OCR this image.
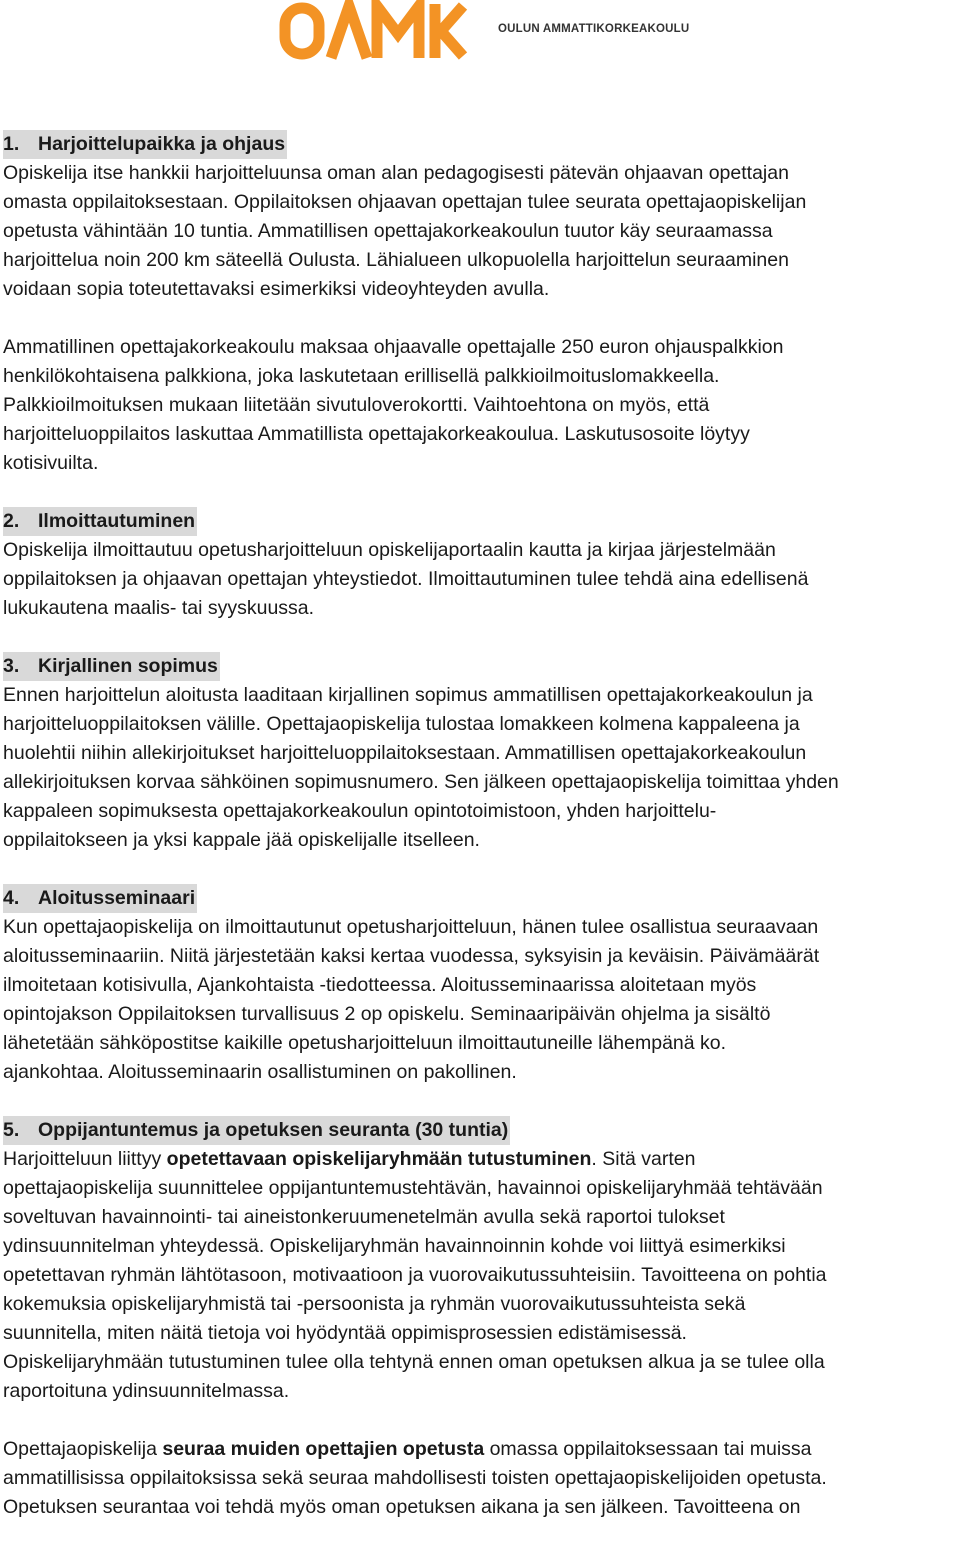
OULUN AMMATTIKORKEAKOULU
1. Harjoittelupaikka ja ohjaus

Opiskelija itse hankkii harjoitteluunsa oman alan pedagogisesti pätevän ohjaavan opettajan

omasta oppilaitoksestaan. Oppilaitoksen ohjaavan opettajan tulee seurata opettajaopiskelijan

opetusta vähintään 10 tuntia. Ammatillisen opettajakorkeakoulun tuutor käy seuraamassa

harjoittelua noin 200 km säteellä Oulusta. Lähialueen ulkopuolella harjoittelun seuraaminen

voidaan sopia toteutettavaksi esimerkiksi videoyhteyden avulla.

Ammatillinen opettajakorkeakoulu maksaa ohjaavalle opettajalle 250 euron ohjauspalkkion

henkilökohtaisena palkkiona, joka laskutetaan erillisellä palkkioilmoituslomakkeella.

Palkkioilmoituksen mukaan liitetään sivutuloverokortti. Vaihtoehtona on myös, että

harjoitteluoppilaitos laskuttaa Ammatillista opettajakorkeakoulua. Laskutusosoite löytyy

kotisivuilta.

2. Ilmoittautuminen

Opiskelija ilmoittautuu opetusharjoitteluun opiskelijaportaalin kautta ja kirjaa järjestelmään

oppilaitoksen ja ohjaavan opettajan yhteystiedot. Ilmoittautuminen tulee tehdä aina edellisenä

lukukautena maalis- tai syyskuussa.

3. Kirjallinen sopimus

Ennen harjoittelun aloitusta laaditaan kirjallinen sopimus ammatillisen opettajakorkeakoulun ja

harjoitteluoppilaitoksen välille. Opettajaopiskelija tulostaa lomakkeen kolmena kappaleena ja

huolehtii niihin allekirjoitukset harjoitteluoppilaitoksestaan. Ammatillisen opettajakorkeakoulun

allekirjoituksen korvaa sähköinen sopimusnumero. Sen jälkeen opettajaopiskelija toimittaa yhden

kappaleen sopimuksesta opettajakorkeakoulun opintotoimistoon, yhden harjoittelu-

oppilaitokseen ja yksi kappale jää opiskelijalle itselleen.

4. Aloitusseminaari

Kun opettajaopiskelija on ilmoittautunut opetusharjoitteluun, hänen tulee osallistua seuraavaan

aloitusseminaariin. Niitä järjestetään kaksi kertaa vuodessa, syksyisin ja keväisin. Päivämäärät

ilmoitetaan kotisivulla, Ajankohtaista -tiedotteessa. Aloitusseminaarissa aloitetaan myös

opintojakson Oppilaitoksen turvallisuus 2 op opiskelu. Seminaaripäivän ohjelma ja sisältö

lähetetään sähköpostitse kaikille opetusharjoitteluun ilmoittautuneille lähempänä ko.

ajankohtaa. Aloitusseminaarin osallistuminen on pakollinen.

5. Oppijantuntemus ja opetuksen seuranta (30 tuntia)

Harjoitteluun liittyy opetettavaan opiskelijaryhmään tutustuminen. Sitä varten

opettajaopiskelija suunnittelee oppijantuntemustehtävän, havainnoi opiskelijaryhmää tehtävään

soveltuvan havainnointi- tai aineistonkeruumenetelmän avulla sekä raportoi tulokset

ydinsuunnitelman yhteydessä. Opiskelijaryhmän havainnoinnin kohde voi liittyä esimerkiksi

opetettavan ryhmän lähtötasoon, motivaatioon ja vuorovaikutussuhteisiin. Tavoitteena on pohtia

kokemuksia opiskelijaryhmistä tai -persoonista ja ryhmän vuorovaikutussuhteista sekä

suunnitella, miten näitä tietoja voi hyödyntää oppimisprosessien edistämisessä.

Opiskelijaryhmään tutustuminen tulee olla tehtynä ennen oman opetuksen alkua ja se tulee olla

raportoituna ydinsuunnitelmassa.

Opettajaopiskelija seuraa muiden opettajien opetusta omassa oppilaitoksessaan tai muissa

ammatillisissa oppilaitoksissa sekä seuraa mahdollisesti toisten opettajaopiskelijoiden opetusta.

Opetuksen seurantaa voi tehdä myös oman opetuksen aikana ja sen jälkeen. Tavoitteena on
